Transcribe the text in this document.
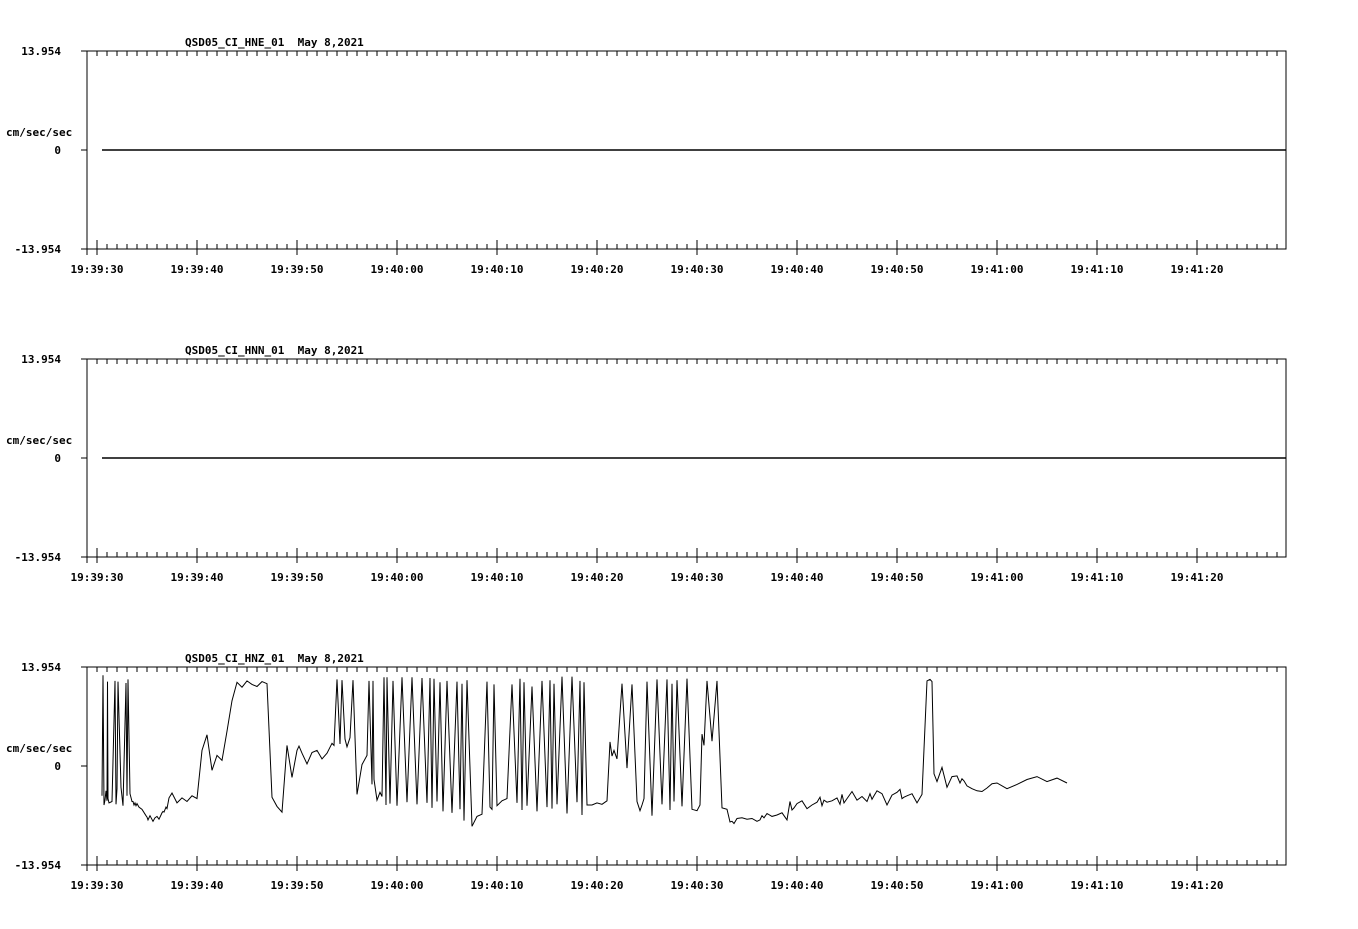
QSD05_CI_HNE_01  May 8,2021
13.954
0
-13.954
cm/sec/sec
19:39:30	19:39:40	19:39:50	19:40:00	19:40:10	19:40:20	19:40:30	19:40:40	19:40:50	19:41:00	19:41:10	19:41:20
QSD05_CI_HNN_01  May 8,2021
13.954
0
-13.954
cm/sec/sec
19:39:30	19:39:40	19:39:50	19:40:00	19:40:10	19:40:20	19:40:30	19:40:40	19:40:50	19:41:00	19:41:10	19:41:20
QSD05_CI_HNZ_01  May 8,2021
13.954
0
-13.954
cm/sec/sec
19:39:30	19:39:40	19:39:50	19:40:00	19:40:10	19:40:20	19:40:30	19:40:40	19:40:50	19:41:00	19:41:10	19:41:20
